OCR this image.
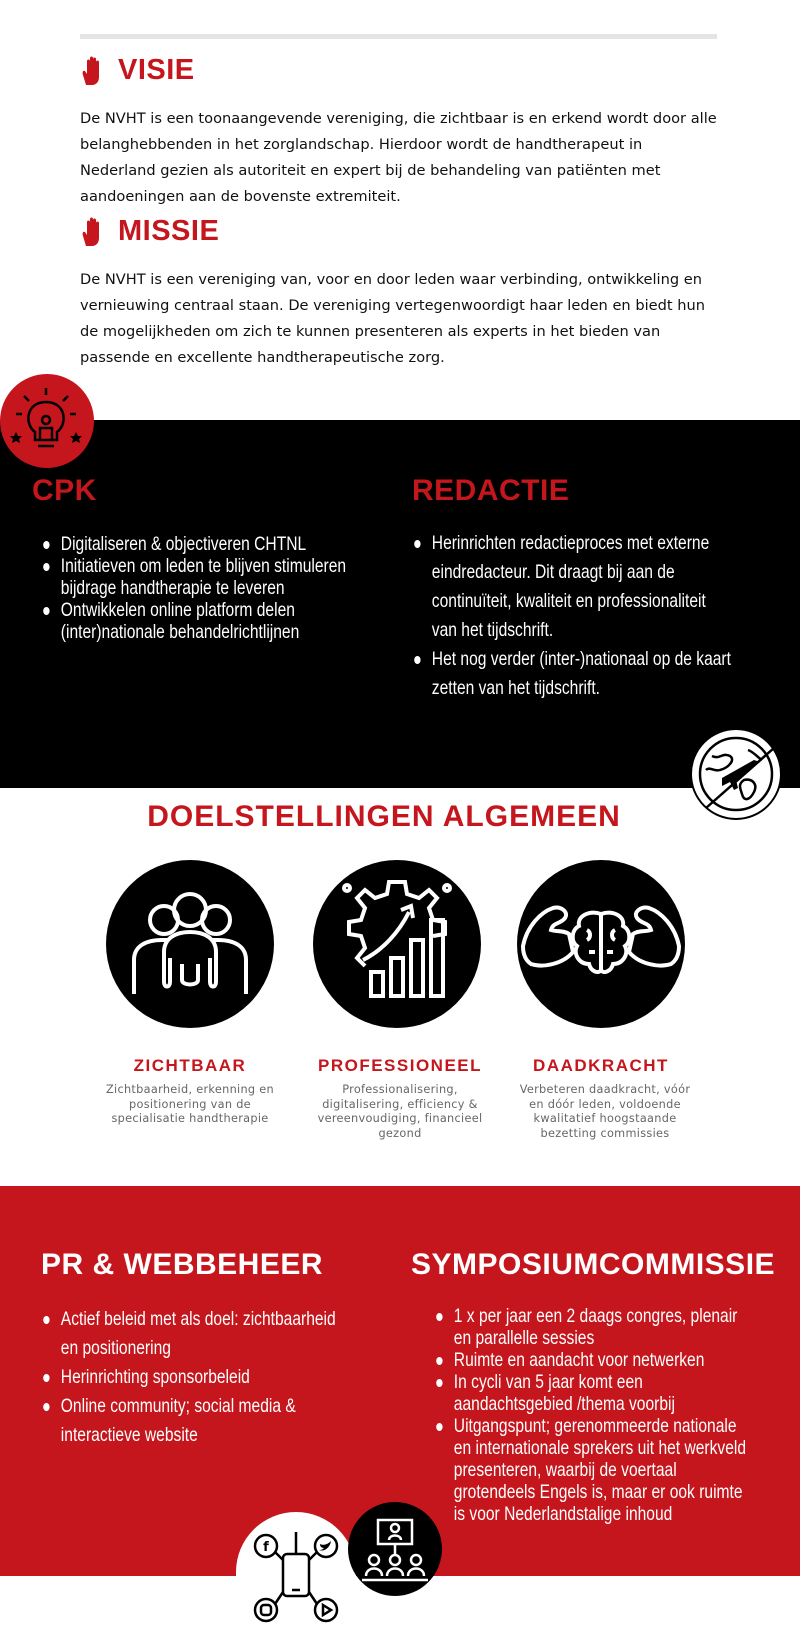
VISIE

De NVHT is een toonaangevende vereniging, die zichtbaar is en erkend wordt door alle belanghebbenden in het zorglandschap. Hierdoor wordt de handtherapeut in Nederland gezien als autoriteit en expert bij de behandeling van patiënten met aandoeningen aan de bovenste extremiteit.

MISSIE

De NVHT is een vereniging van, voor en door leden waar verbinding, ontwikkeling en vernieuwing centraal staan. De vereniging vertegenwoordigt haar leden en biedt hun de mogelijkheden om zich te kunnen presenteren als experts in het bieden van passende en excellente handtherapeutische zorg.

CPK
Digitaliseren & objectiveren CHTNL
Initiatieven om leden te blijven stimuleren bijdrage handtherapie te leveren
Ontwikkelen online platform delen (inter)nationale behandelrichtlijnen
REDACTIE
Herinrichten redactieproces met externe eindredacteur. Dit draagt bij aan de continuïteit, kwaliteit en professionaliteit van het tijdschrift.
Het nog verder (inter-)nationaal op de kaart zetten van het tijdschrift.
DOELSTELLINGEN ALGEMEEN
ZICHTBAAR
Zichtbaarheid, erkenning en positionering van de specialisatie handtherapie
PROFESSIONEEL
Professionalisering, digitalisering, efficiency & vereenvoudiging, financieel gezond
DAADKRACHT
Verbeteren daadkracht, vóór en dóór leden, voldoende kwalitatief hoogstaande bezetting commissies
PR & WEBBEHEER
Actief beleid met als doel: zichtbaarheid en positionering
Herinrichting sponsorbeleid
Online community; social media & interactieve website
SYMPOSIUMCOMMISSIE
1 x per jaar een 2 daags congres, plenair en parallelle sessies
Ruimte en aandacht voor netwerken
In cycli van 5 jaar komt een aandachtsgebied /thema voorbij
Uitgangspunt; gerenommeerde nationale en internationale sprekers uit het werkveld presenteren, waarbij de voertaal grotendeels Engels is, maar er ook ruimte is voor Nederlandstalige inhoud
f
